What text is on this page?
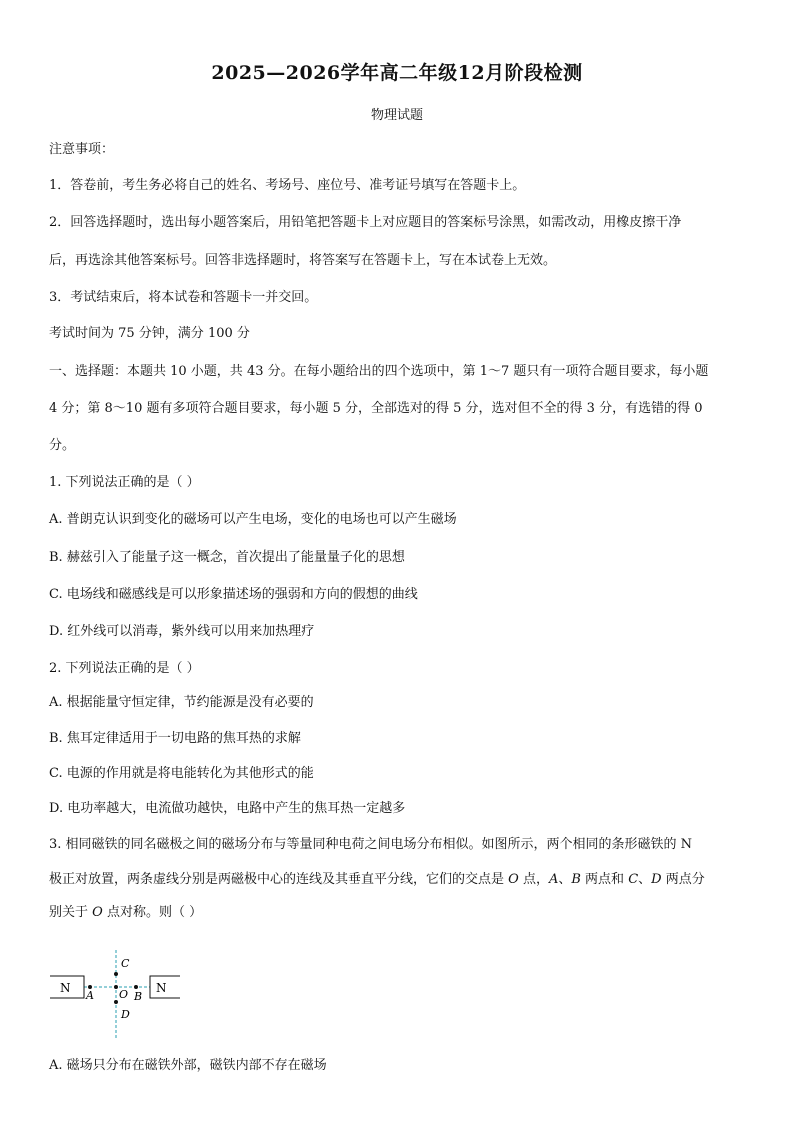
2025—2026学年高二年级12月阶段检测
物理试题
注意事项：
1．答卷前，考生务必将自己的姓名、考场号、座位号、准考证号填写在答题卡上。
2．回答选择题时，选出每小题答案后，用铅笔把答题卡上对应题目的答案标号涂黑，如需改动，用橡皮擦干净
后，再选涂其他答案标号。回答非选择题时，将答案写在答题卡上，写在本试卷上无效。
3．考试结束后，将本试卷和答题卡一并交回。
考试时间为 75 分钟，满分 100 分
一、选择题：本题共 10 小题，共 43 分。在每小题给出的四个选项中，第 1～7 题只有一项符合题目要求，每小题
4 分；第 8～10 题有多项符合题目要求，每小题 5 分，全部选对的得 5 分，选对但不全的得 3 分，有选错的得 0
分。
1. 下列说法正确的是（ ）
A. 普朗克认识到变化的磁场可以产生电场，变化的电场也可以产生磁场
B. 赫兹引入了能量子这一概念，首次提出了能量量子化的思想
C. 电场线和磁感线是可以形象描述场的强弱和方向的假想的曲线
D. 红外线可以消毒，紫外线可以用来加热理疗
2. 下列说法正确的是（ ）
A. 根据能量守恒定律，节约能源是没有必要的
B. 焦耳定律适用于一切电路的焦耳热的求解
C. 电源的作用就是将电能转化为其他形式的能
D. 电功率越大，电流做功越快，电路中产生的焦耳热一定越多
3. 相同磁铁的同名磁极之间的磁场分布与等量同种电荷之间电场分布相似。如图所示，两个相同的条形磁铁的 N
极正对放置，两条虚线分别是两磁极中心的连线及其垂直平分线，它们的交点是 O 点，A、B 两点和 C、D 两点分
别关于 O 点对称。则（ ）
N	N
A O B
C
D
A. 磁场只分布在磁铁外部，磁铁内部不存在磁场
